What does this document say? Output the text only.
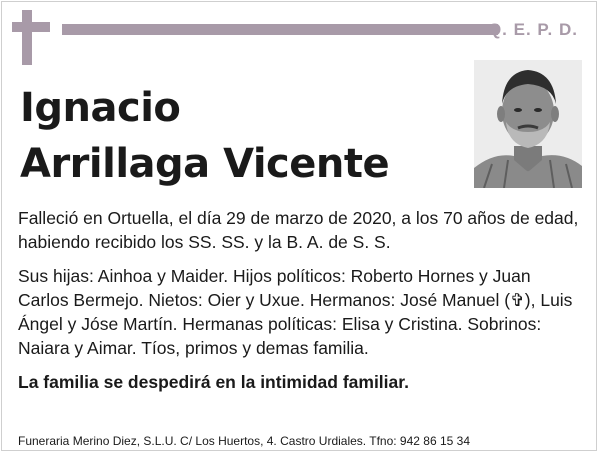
Q. E. P. D.
Ignacio
Arrillaga Vicente

Falleció en Ortuella, el día 29 de marzo de 2020, a los 70 años de edad, habiendo recibido los SS. SS. y la B. A. de S. S.

Sus hijas: Ainhoa y Maider. Hijos políticos: Roberto Hornes y Juan Carlos Bermejo. Nietos: Oier y Uxue. Hermanos: José Manuel (✞), Luis Ángel y Jóse Martín. Hermanas políticas: Elisa y Cristina. Sobrinos: Naiara y Aimar. Tíos, primos y demas familia.

La familia se despedirá en la intimidad familiar.

Funeraria Merino Diez, S.L.U. C/ Los Huertos, 4. Castro Urdiales. Tfno: 942 86 15 34
